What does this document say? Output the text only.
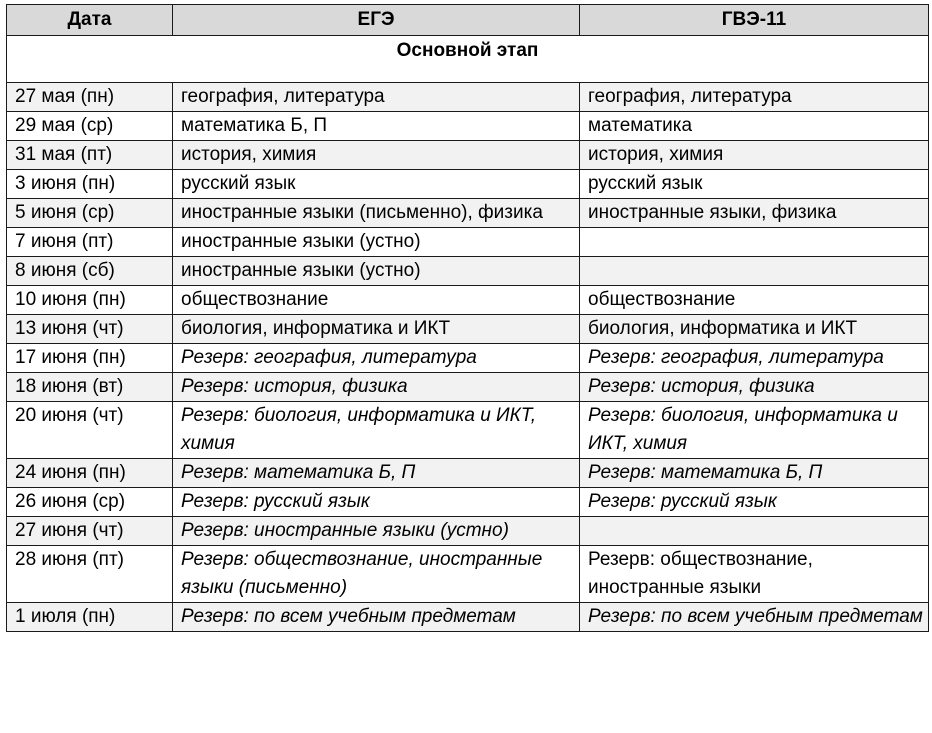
Дата	ЕГЭ	ГВЭ-11
Основной этап		
27 мая (пн)	география, литература	география, литература
29 мая (ср)	математика Б, П	математика
31 мая (пт)	история, химия	история, химия
3 июня (пн)	русский язык	русский язык
5 июня (ср)	иностранные языки (письменно), физика	иностранные языки, физика
7 июня (пт)	иностранные языки (устно)	
8 июня (сб)	иностранные языки (устно)	
10 июня (пн)	обществознание	обществознание
13 июня (чт)	биология, информатика и ИКТ	биология, информатика и ИКТ
17 июня (пн)	Резерв: география, литература	Резерв: география, литература
18 июня (вт)	Резерв: история, физика	Резерв: история, физика
20 июня (чт)	Резерв: биология, информатика и ИКТ, химия	Резерв: биология, информатика и ИКТ, химия
24 июня (пн)	Резерв: математика Б, П	Резерв: математика Б, П
26 июня (ср)	Резерв: русский язык	Резерв: русский язык
27 июня (чт)	Резерв: иностранные языки (устно)	
28 июня (пт)	Резерв: обществознание, иностранные языки (письменно)	Резерв: обществознание, иностранные языки
1 июля (пн)	Резерв: по всем учебным предметам	Резерв: по всем учебным предметам
